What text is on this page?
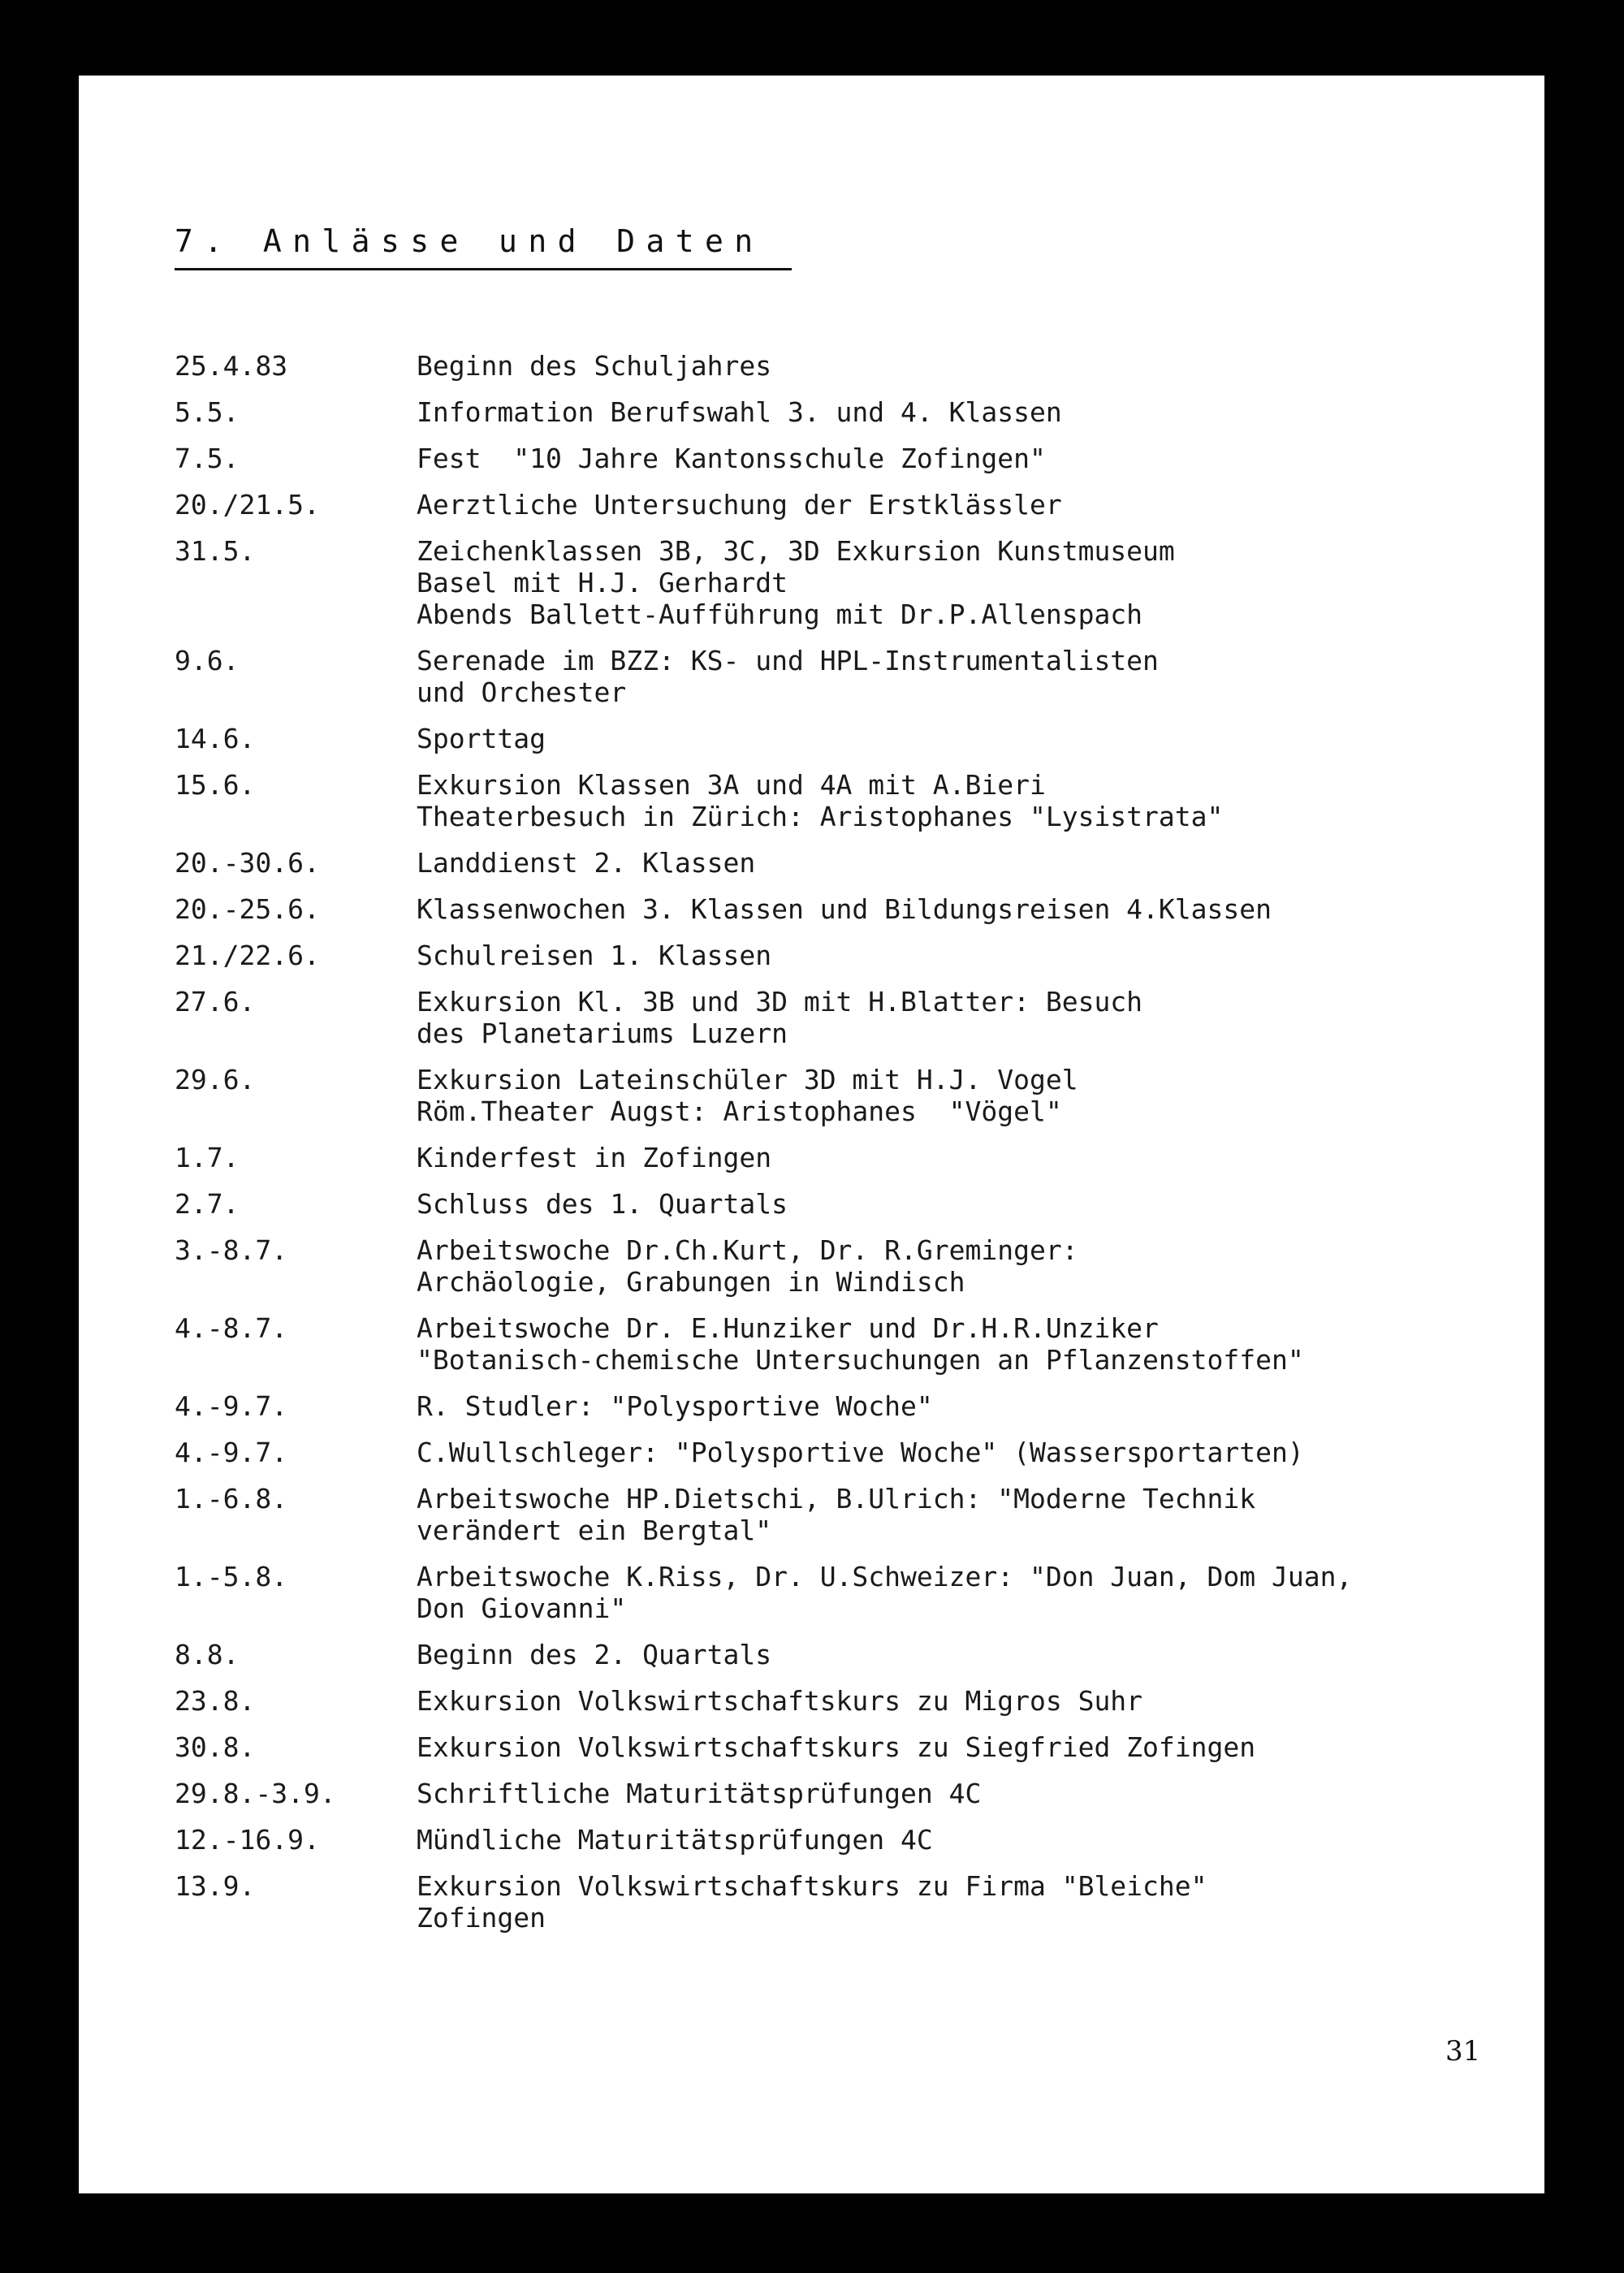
7. Anlässe und Daten
25.4.83	Beginn des Schuljahres
5.5.	Information Berufswahl 3. und 4. Klassen
7.5.	Fest  "10 Jahre Kantonsschule Zofingen"
20./21.5.	Aerztliche Untersuchung der Erstklässler
31.5.	Zeichenklassen 3B, 3C, 3D Exkursion Kunstmuseum
Basel mit H.J. Gerhardt
Abends Ballett-Aufführung mit Dr.P.Allenspach
9.6.	Serenade im BZZ: KS- und HPL-Instrumentalisten
und Orchester
14.6.	Sporttag
15.6.	Exkursion Klassen 3A und 4A mit A.Bieri
Theaterbesuch in Zürich: Aristophanes "Lysistrata"
20.-30.6.	Landdienst 2. Klassen
20.-25.6.	Klassenwochen 3. Klassen und Bildungsreisen 4.Klassen
21./22.6.	Schulreisen 1. Klassen
27.6.	Exkursion Kl. 3B und 3D mit H.Blatter: Besuch
des Planetariums Luzern
29.6.	Exkursion Lateinschüler 3D mit H.J. Vogel
Röm.Theater Augst: Aristophanes  "Vögel"
1.7.	Kinderfest in Zofingen
2.7.	Schluss des 1. Quartals
3.-8.7.	Arbeitswoche Dr.Ch.Kurt, Dr. R.Greminger:
Archäologie, Grabungen in Windisch
4.-8.7.	Arbeitswoche Dr. E.Hunziker und Dr.H.R.Unziker
"Botanisch-chemische Untersuchungen an Pflanzenstoffen"
4.-9.7.	R. Studler: "Polysportive Woche"
4.-9.7.	C.Wullschleger: "Polysportive Woche" (Wassersportarten)
1.-6.8.	Arbeitswoche HP.Dietschi, B.Ulrich: "Moderne Technik
verändert ein Bergtal"
1.-5.8.	Arbeitswoche K.Riss, Dr. U.Schweizer: "Don Juan, Dom Juan,
Don Giovanni"
8.8.	Beginn des 2. Quartals
23.8.	Exkursion Volkswirtschaftskurs zu Migros Suhr
30.8.	Exkursion Volkswirtschaftskurs zu Siegfried Zofingen
29.8.-3.9.	Schriftliche Maturitätsprüfungen 4C
12.-16.9.	Mündliche Maturitätsprüfungen 4C
13.9.	Exkursion Volkswirtschaftskurs zu Firma "Bleiche"
Zofingen
31
